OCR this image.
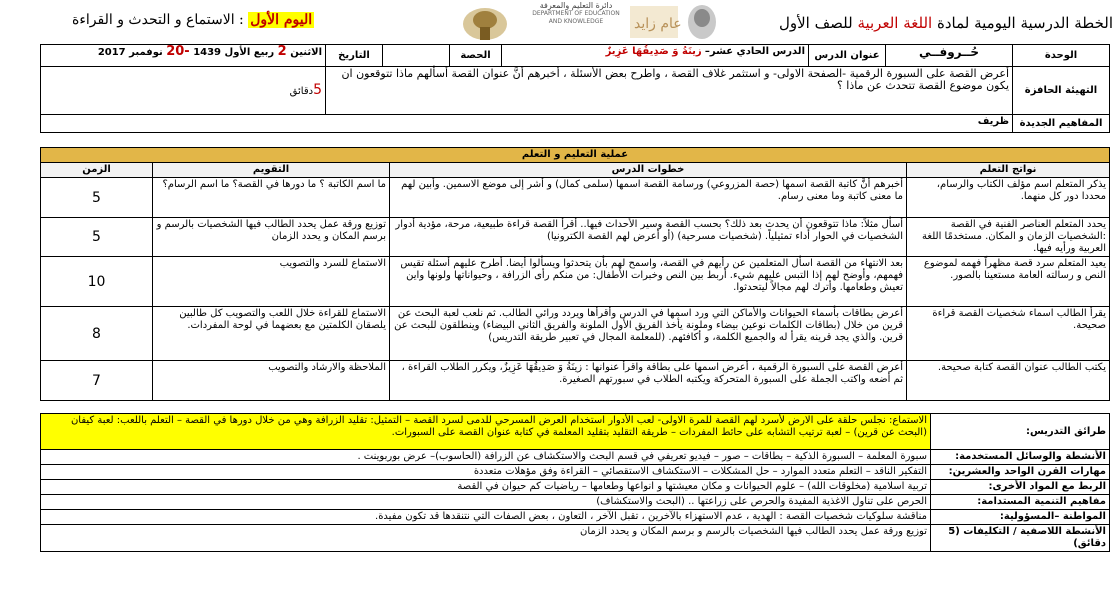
الخطة الدرسية اليومية لمادة اللغة العربية للصف الأول
دائرة التعليم والمعرفة
DEPARTMENT OF EDUCATION
AND KNOWLEDGE	عام زايد
اليوم الأول : الاستماع و التحدث و القراءة
الوحدة	حُــروفــي	عنوان الدرس	الدرس الحادي عشر– زينَةُ وَ صَدِيقُهَا عَزِيزٌ	الحصة		التاريخ	الاثنين 2 ربيع الأول 1439 -20 نوفمبر 2017
التهيئة الحافزة	أعرض القصة على السبورة الرقمية -الصفحة الاولى- و استثمر غلاف القصة ، واطرح بعض الأسئلة ، أخبرهم أنَّ عنوان القصة أسألهم ماذا تتوقعون ان يكون موضوع القصة تتحدث عن ماذا ؟						5دقائق
المفاهيم الجديدة	ظريف						
عملية التعليم و التعلم			
نواتج التعلم	خطوات الدرس	التقويم	الزمن
يذكر المتعلم اسم مؤلف الكتاب والرسام، محددا دور كل منهما.	أخبرهم أنَّ كاتبة القصة اسمها (حصة المزروعي) ورسامة القصة اسمها (سلمى كمال) و أشر إلى موضع الاسمين. وأبين لهم ما معنى كاتبة وما معنى رسام.	ما اسم الكاتبة ؟ ما دورها في القصة؟ ما اسم الرسام؟	5
يحدد المتعلم العناصر الفنية في القصة :الشخصيات الزمان و المكان. مستخدمًا اللغة العربية ورأيه فيها.	أسأل مثلاً: ماذا تتوقعون أن يحدث بعد ذلك؟ بحسب القصة وسير الأحداث فيها.. أقرأ القصة قراءة طبيعية، مرحة، مؤدية أدوار الشخصيات في الحوار أداء تمثيلياً. (شخصيات مسرحية) (أو أعرض لهم القصة الكترونيا)	توزيع ورقة عمل يحدد الطالب فيها الشخصيات بالرسم و برسم المكان و يحدد الزمان	5
يعيد المتعلم سرد قصة مظهراً فهمه لموضوع النص و رسالته العامة مستعينا بالصور.	بعد الانتهاء من القصة اسأل المتعلمين عن رأيهم في القصة، واسمح لهم بأن يتحدثوا ويسألوا أيضا. أطرح عليهم أسئلة تقيس فهمهم، وأوضح لهم إذا التبس عليهم شيء. أربط بين النص وخبرات الأطفال: من منكم رأى الزرافة ، وحيواناتها ولونها واين تعيش وطعامها. وأترك لهم مجالاً ليتحدثوا.	الاستماع للسرد والتصويب	10
يقرأ الطالب اسماء شخصيات القصة قراءة صحيحة.	أعرض بطاقات بأسماء الحيوانات والأماكن التي ورد اسمها في الدرس وأقرأها ويردد ورائي الطالب. ثم نلعب لعبة البحث عن قرين من خلال (بطاقات الكلمات نوعين بيضاء وملونة يأخذ الفريق الأول الملونة والفريق الثاني البيضاء) وينطلقون للبحث عن قرين. والذي يجد قرينه يقرأ له والجميع الكلمة، و أكافئهم. (للمعلمة المجال في تعبير طريقة التدريس)	الاستماع للقراءة خلال اللعب والتصويب كل طالبين يلصقان الكلمتين مع بعضهما في لوحة المفردات.	8
يكتب الطالب عنوان القصة كتابة صحيحة.	أعرض القصة على السبورة الرقمية ، أعرض اسمها على بطاقة واقرأ عنوانها : زينَةُ وَ صَدِيقُهَا عَزِيزٌ، ويكرر الطلاب القراءة ، ثم أضعه واكتب الجملة على السبورة المتحركة ويكتبه الطلاب في سبورتهم الصغيرة.	الملاحظة والارشاد والتصويب	7
طرائق التدريس:	الاستماع: نجلس حلقة على الارض لأسرد لهم القصة للمرة الاولى- لعب الأدوار استخدام العرض المسرحي للدمى لسرد القصة – التمثيل: تقليد الزرافة وهي من خلال دورها في القصة – التعلم باللعب: لعبة كيفان (البحث عن قرين) – لعبة ترتيب التشابه على حائط المفردات – طريقة التقليد بتقليد المعلمة في كتابة عنوان القصة على السبورات.
الأنشطة والوسائل المستخدمة:	سبورة المعلمة – السبورة الذكية – بطاقات – صور – فيديو تعريفي في قسم البحث والاستكشاف عن الزرافة (الحاسوب)– عرض بوربوينت .
مهارات القرن الواحد والعشرين:	التفكير الناقد – التعلم متعدد الموارد – حل المشكلات – الاستكشاف الاستقصائي – القراءة وفق مؤهلات متعددة
الربط مع المواد الأخرى:	تربية اسلامية (مخلوقات الله) – علوم الحيوانات و مكان معيشتها و انواعها وطعامها – رياضيات كم حيوان في القصة
مفاهيم التنمية المستدامة:	الحرص على تناول الاغذية المفيدة والحرص على زراعتها .. (البحث والاستكشاف)
المواطنة –المسؤولية:	مناقشة سلوكيات شخصيات القصة : الهدية ، عدم الاستهزاء بالآخرين ، تقبل الآخر ، التعاون ، بعض الصفات التي نتنقدها قد تكون مفيدة.
الأنشطة اللاصفية / التكليفات (5 دقائق)	توزيع ورقة عمل يحدد الطالب فيها الشخصيات بالرسم و برسم المكان و يحدد الزمان
